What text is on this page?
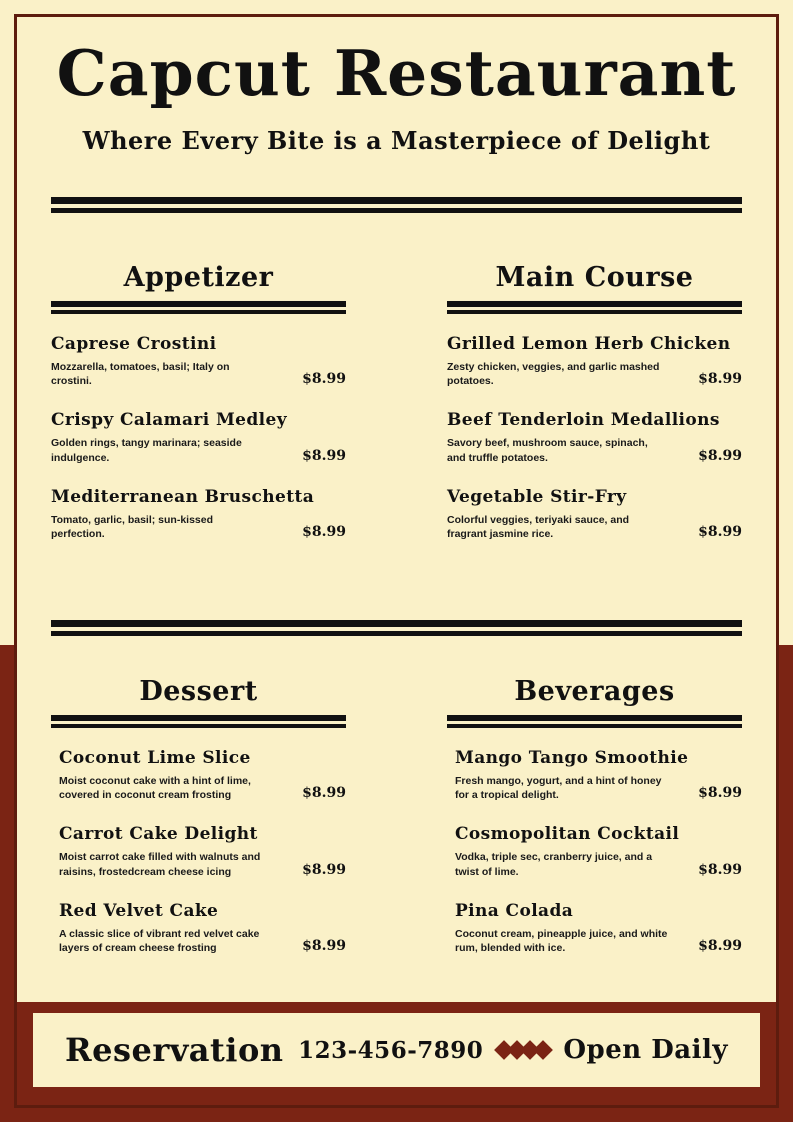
Capcut Restaurant
Where Every Bite is a Masterpiece of Delight
Appetizer
Caprese Crostini
Mozzarella, tomatoes, basil; Italy on crostini.	$8.99
Crispy Calamari Medley
Golden rings, tangy marinara; seaside indulgence.	$8.99
Mediterranean Bruschetta
Tomato, garlic, basil; sun-kissed perfection.	$8.99
Main Course
Grilled Lemon Herb Chicken
Zesty chicken, veggies, and garlic mashed potatoes.	$8.99
Beef Tenderloin Medallions
Savory beef, mushroom sauce, spinach, and truffle potatoes.	$8.99
Vegetable Stir-Fry
Colorful veggies, teriyaki sauce, and fragrant jasmine rice.	$8.99
Dessert
Coconut Lime Slice
Moist coconut cake with a hint of lime, covered in coconut cream frosting	$8.99
Carrot Cake Delight
Moist carrot cake filled with walnuts and raisins, frostedcream cheese icing	$8.99
Red Velvet Cake
A classic slice of vibrant red velvet cake layers of cream cheese frosting	$8.99
Beverages
Mango Tango Smoothie
Fresh mango, yogurt, and a hint of honey for a tropical delight.	$8.99
Cosmopolitan Cocktail
Vodka, triple sec, cranberry juice, and a twist of lime.	$8.99
Pina Colada
Coconut cream, pineapple juice, and white rum, blended with ice.	$8.99
Reservation 123-456-7890	Open Daily
